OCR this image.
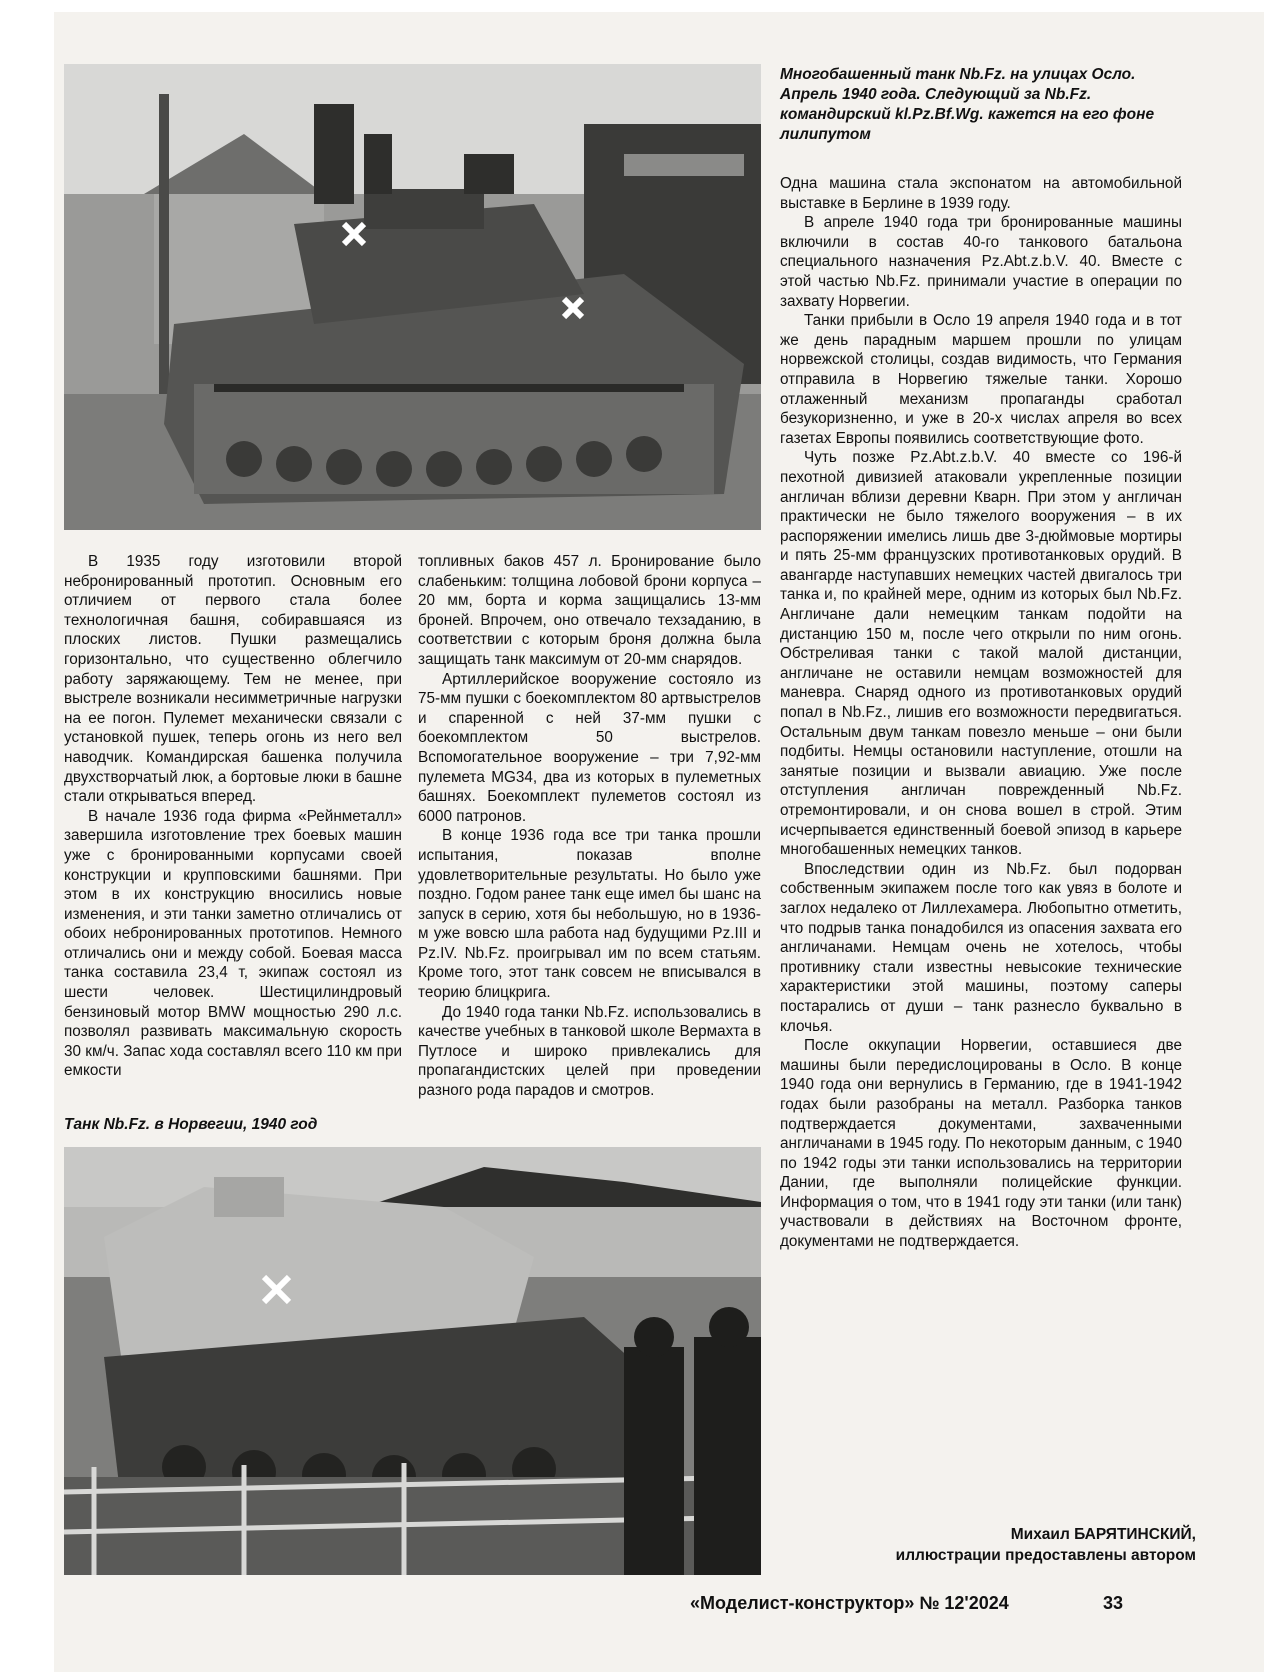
Многобашенный танк Nb.Fz. на улицах Осло. Апрель 1940 года. Следующий за Nb.Fz. командирский kl.Pz.Bf.Wg. кажется на его фоне лилипутом

В 1935 году изготовили второй небронированный прототип. Основным его отличием от первого стала более технологичная башня, собиравшаяся из плоских листов. Пушки размещались горизонтально, что существенно облегчило работу заряжающему. Тем не менее, при выстреле возникали несимметричные нагрузки на ее погон. Пулемет механически связали с установкой пушек, теперь огонь из него вел наводчик. Командирская башенка получила двухстворчатый люк, а бортовые люки в башне стали открываться вперед.

В начале 1936 года фирма «Рейнметалл» завершила изготовление трех боевых машин уже с бронированными корпусами своей конструкции и крупповскими башнями. При этом в их конструкцию вносились новые изменения, и эти танки заметно отличались от обоих небронированных прототипов. Немного отличались они и между собой. Боевая масса танка составила 23,4 т, экипаж состоял из шести человек. Шестицилиндровый бензиновый мотор BMW мощностью 290 л.с. позволял развивать максимальную скорость 30 км/ч. Запас хода составлял всего 110 км при емкости

топливных баков 457 л. Бронирование было слабеньким: толщина лобовой брони корпуса – 20 мм, борта и корма защищались 13-мм броней. Впрочем, оно отвечало техзаданию, в соответствии с которым броня должна была защищать танк максимум от 20-мм снарядов.

Артиллерийское вооружение состояло из 75-мм пушки с боекомплектом 80 артвыстрелов и спаренной с ней 37-мм пушки с боекомплектом 50 выстрелов. Вспомогательное вооружение – три 7,92-мм пулемета MG34, два из которых в пулеметных башнях. Боекомплект пулеметов состоял из 6000 патронов.

В конце 1936 года все три танка прошли испытания, показав вполне удовлетворительные результаты. Но было уже поздно. Годом ранее танк еще имел бы шанс на запуск в серию, хотя бы небольшую, но в 1936-м уже вовсю шла работа над будущими Pz.III и Pz.IV. Nb.Fz. проигрывал им по всем статьям. Кроме того, этот танк совсем не вписывался в теорию блицкрига.

До 1940 года танки Nb.Fz. использовались в качестве учебных в танковой школе Вермахта в Путлосе и широко привлекались для пропагандистских целей при проведении разного рода парадов и смотров.

Одна машина стала экспонатом на автомобильной выставке в Берлине в 1939 году.

В апреле 1940 года три бронированные машины включили в состав 40-го танкового батальона специального назначения Pz.Abt.z.b.V. 40. Вместе с этой частью Nb.Fz. принимали участие в операции по захвату Норвегии.

Танки прибыли в Осло 19 апреля 1940 года и в тот же день парадным маршем прошли по улицам норвежской столицы, создав видимость, что Германия отправила в Норвегию тяжелые танки. Хорошо отлаженный механизм пропаганды сработал безукоризненно, и уже в 20-х числах апреля во всех газетах Европы появились соответствующие фото.

Чуть позже Pz.Abt.z.b.V. 40 вместе со 196-й пехотной дивизией атаковали укрепленные позиции англичан вблизи деревни Кварн. При этом у англичан практически не было тяжелого вооружения – в их распоряжении имелись лишь две 3-дюймовые мортиры и пять 25-мм французских противотанковых орудий. В авангарде наступавших немецких частей двигалось три танка и, по крайней мере, одним из которых был Nb.Fz. Англичане дали немецким танкам подойти на дистанцию 150 м, после чего открыли по ним огонь. Обстреливая танки с такой малой дистанции, англичане не оставили немцам возможностей для маневра. Снаряд одного из противотанковых орудий попал в Nb.Fz., лишив его возможности передвигаться. Остальным двум танкам повезло меньше – они были подбиты. Немцы остановили наступление, отошли на занятые позиции и вызвали авиацию. Уже после отступления англичан поврежденный Nb.Fz. отремонтировали, и он снова вошел в строй. Этим исчерпывается единственный боевой эпизод в карьере многобашенных немецких танков.

Впоследствии один из Nb.Fz. был подорван собственным экипажем после того как увяз в болоте и заглох недалеко от Лиллехамера. Любопытно отметить, что подрыв танка понадобился из опасения захвата его англичанами. Немцам очень не хотелось, чтобы противнику стали известны невысокие технические характеристики этой машины, поэтому саперы постарались от души – танк разнесло буквально в клочья.

После оккупации Норвегии, оставшиеся две машины были передислоцированы в Осло. В конце 1940 года они вернулись в Германию, где в 1941-1942 годах были разобраны на металл. Разборка танков подтверждается документами, захваченными англичанами в 1945 году. По некоторым данным, с 1940 по 1942 годы эти танки использовались на территории Дании, где выполняли полицейские функции. Информация о том, что в 1941 году эти танки (или танк) участвовали в действиях на Восточном фронте, документами не подтверждается.

Танк Nb.Fz. в Норвегии, 1940 год

Михаил БАРЯТИНСКИЙ,
иллюстрации предоставлены автором
«Моделист-конструктор» № 12'2024	33
